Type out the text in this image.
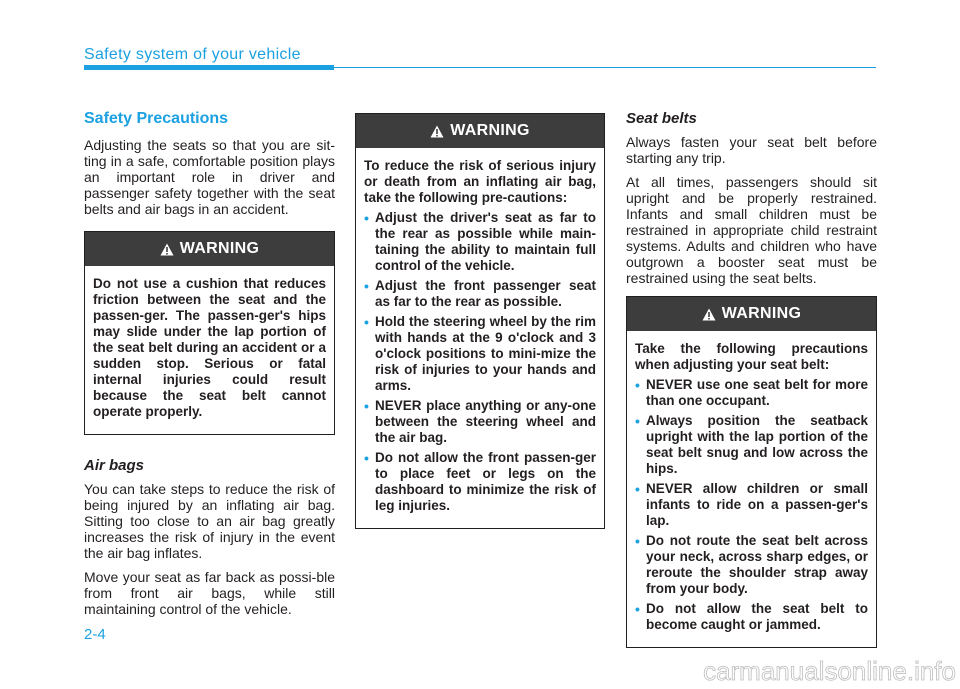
Safety system of your vehicle
Safety Precautions

Adjusting the seats so that you are sit-ting in a safe, comfortable position plays an important role in driver and passenger safety together with the seat belts and air bags in an accident.

WARNING

Do not use a cushion that reduces friction between the seat and the passen-ger. The passen-ger's hips may slide under the lap portion of the seat belt during an accident or a sudden stop. Serious or fatal internal injuries could result because the seat belt cannot operate properly.

Air bags

You can take steps to reduce the risk of being injured by an inflating air bag. Sitting too close to an air bag greatly increases the risk of injury in the event the air bag inflates.

Move your seat as far back as possi-ble from front air bags, while still maintaining control of the vehicle.

WARNING

To reduce the risk of serious injury or death from an inflating air bag, take the following pre-cautions:

• Adjust the driver's seat as far to the rear as possible while main-taining the ability to maintain full control of the vehicle.
• Adjust the front passenger seat as far to the rear as possible.
• Hold the steering wheel by the rim with hands at the 9 o'clock and 3 o'clock positions to mini-mize the risk of injuries to your hands and arms.
• NEVER place anything or any-one between the steering wheel and the air bag.
• Do not allow the front passen-ger to place feet or legs on the dashboard to minimize the risk of leg injuries.
Seat belts

Always fasten your seat belt before starting any trip.

At all times, passengers should sit upright and be properly restrained. Infants and small children must be restrained in appropriate child restraint systems. Adults and children who have outgrown a booster seat must be restrained using the seat belts.

WARNING

Take the following precautions when adjusting your seat belt:

• NEVER use one seat belt for more than one occupant.
• Always position the seatback upright with the lap portion of the seat belt snug and low across the hips.
• NEVER allow children or small infants to ride on a passen-ger's lap.
• Do not route the seat belt across your neck, across sharp edges, or reroute the shoulder strap away from your body.
• Do not allow the seat belt to become caught or jammed.
2-4
carmanualsonline.info
